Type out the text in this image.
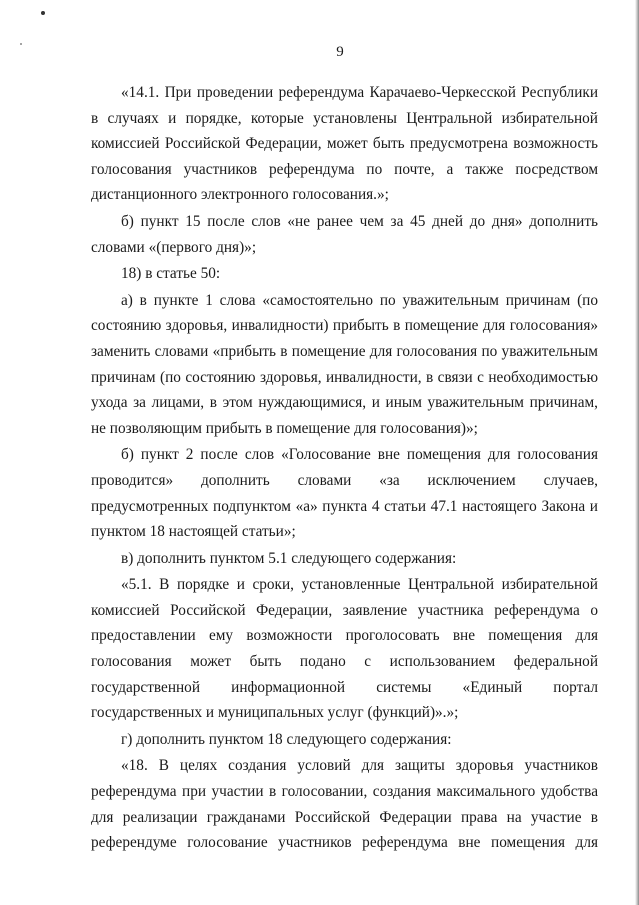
9

«14.1. При проведении референдума Карачаево-Черкесской Республики в случаях и порядке, которые установлены Центральной избирательной комиссией Российской Федерации, может быть предусмотрена возможность голосования участников референдума по почте, а также посредством дистанционного электронного голосования.»;

б) пункт 15 после слов «не ранее чем за 45 дней до дня» дополнить словами «(первого дня)»;

18) в статье 50:

а) в пункте 1 слова «самостоятельно по уважительным причинам (по состоянию здоровья, инвалидности) прибыть в помещение для голосования» заменить словами «прибыть в помещение для голосования по уважительным причинам (по состоянию здоровья, инвалидности, в связи с необходимостью ухода за лицами, в этом нуждающимися, и иным уважительным причинам, не позволяющим прибыть в помещение для голосования)»;

б) пункт 2 после слов «Голосование вне помещения для голосования проводится» дополнить словами «за исключением случаев, предусмотренных подпунктом «а» пункта 4 статьи 47.1 настоящего Закона и пунктом 18 настоящей статьи»;

в) дополнить пунктом 5.1 следующего содержания:

«5.1. В порядке и сроки, установленные Центральной избирательной комиссией Российской Федерации, заявление участника референдума о предоставлении ему возможности проголосовать вне помещения для голосования может быть подано с использованием федеральной государственной информационной системы «Единый портал государственных и муниципальных услуг (функций)».»;

г) дополнить пунктом 18 следующего содержания:

«18. В целях создания условий для защиты здоровья участников референдума при участии в голосовании, создания максимального удобства для реализации гражданами Российской Федерации права на участие в референдуме голосование участников референдума вне помещения для
